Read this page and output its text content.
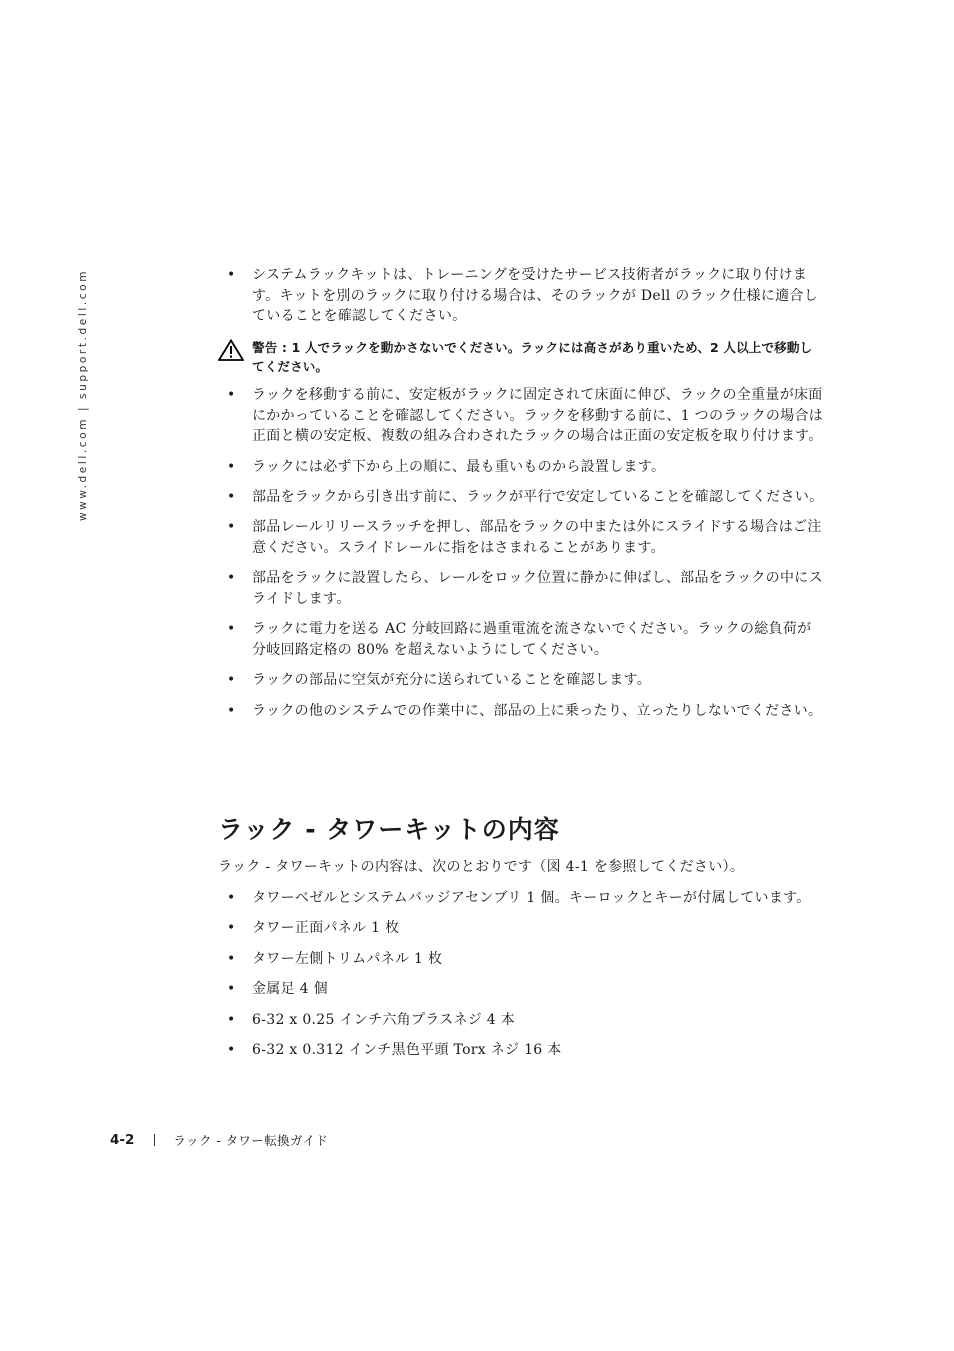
www.dell.com | support.dell.com	• システムラックキットは、トレーニングを受けたサービス技術者がラックに取り付けます。キットを別のラックに取り付ける場合は、そのラックが Dell のラック仕様に適合していることを確認してください。
警告 : 1 人でラックを動かさないでください。ラックには高さがあり重いため、2 人以上で移動してください。
• ラックを移動する前に、安定板がラックに固定されて床面に伸び、ラックの全重量が床面にかかっていることを確認してください。ラックを移動する前に、1 つのラックの場合は正面と横の安定板、複数の組み合わされたラックの場合は正面の安定板を取り付けます。
• ラックには必ず下から上の順に、最も重いものから設置します。
• 部品をラックから引き出す前に、ラックが平行で安定していることを確認してください。
• 部品レールリリースラッチを押し、部品をラックの中または外にスライドする場合はご注意ください。スライドレールに指をはさまれることがあります。
• 部品をラックに設置したら、レールをロック位置に静かに伸ばし、部品をラックの中にスライドします。
• ラックに電力を送る AC 分岐回路に過重電流を流さないでください。ラックの総負荷が分岐回路定格の 80% を超えないようにしてください。
• ラックの部品に空気が充分に送られていることを確認します。
• ラックの他のシステムでの作業中に、部品の上に乗ったり、立ったりしないでください。
ラック - タワーキットの内容
ラック - タワーキットの内容は、次のとおりです（図 4-1 を参照してください）。
• タワーベゼルとシステムバッジアセンブリ 1 個。キーロックとキーが付属しています。
• タワー正面パネル 1 枚
• タワー左側トリムパネル 1 枚
• 金属足 4 個
• 6-32 x 0.25 インチ六角プラスネジ 4 本
• 6-32 x 0.312 インチ黒色平頭 Torx ネジ 16 本
4-2	ラック - タワー転換ガイド
